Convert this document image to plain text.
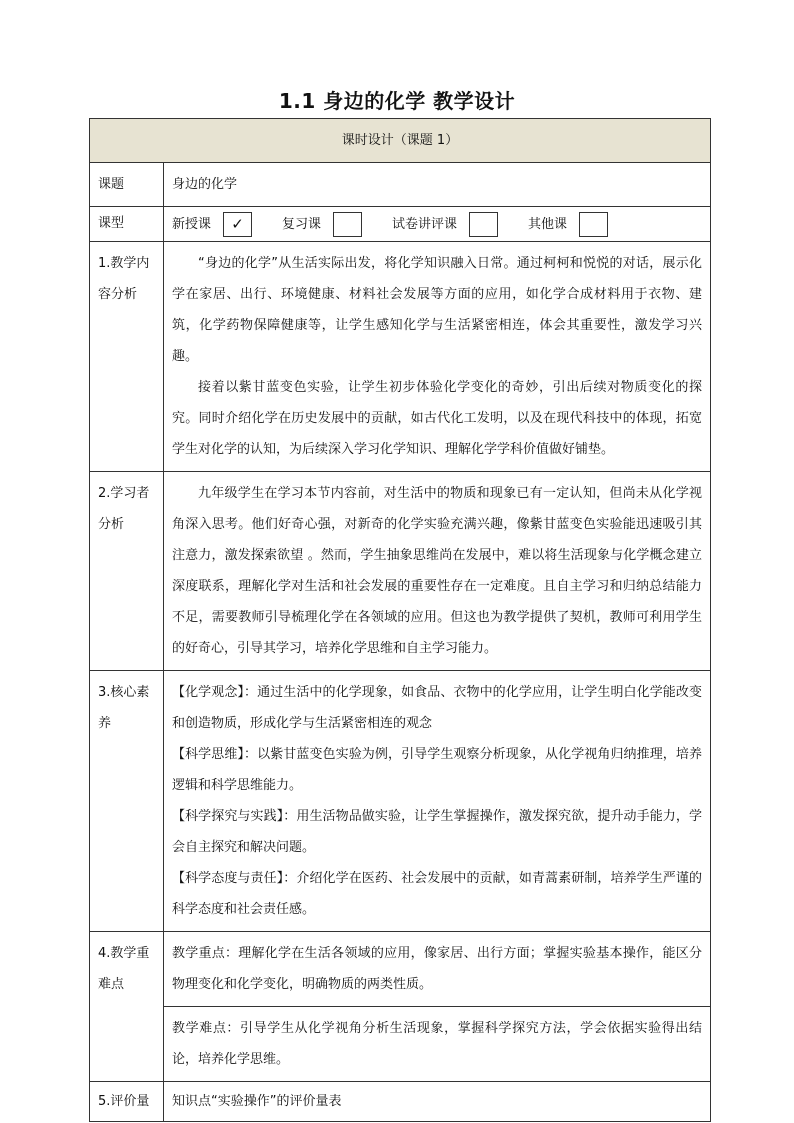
1.1 身边的化学 教学设计
课时设计（课题 1）	
课题	身边的化学
课型	新授课 ✓ 复习课 试卷讲评课 其他课

1.教学内容分析	“身边的化学”从生活实际出发，将化学知识融入日常。通过柯柯和悦悦的对话，展示化学在家居、出行、环境健康、材料社会发展等方面的应用，如化学合成材料用于衣物、建筑，化学药物保障健康等，让学生感知化学与生活紧密相连，体会其重要性，激发学习兴趣。

接着以紫甘蓝变色实验，让学生初步体验化学变化的奇妙，引出后续对物质变化的探究。同时介绍化学在历史发展中的贡献，如古代化工发明，以及在现代科技中的体现，拓宽学生对化学的认知，为后续深入学习化学知识、理解化学学科价值做好铺垫。

2.学习者分析	九年级学生在学习本节内容前，对生活中的物质和现象已有一定认知，但尚未从化学视角深入思考。他们好奇心强，对新奇的化学实验充满兴趣，像紫甘蓝变色实验能迅速吸引其注意力，激发探索欲望 。然而，学生抽象思维尚在发展中，难以将生活现象与化学概念建立深度联系，理解化学对生活和社会发展的重要性存在一定难度。且自主学习和归纳总结能力不足，需要教师引导梳理化学在各领域的应用。但这也为教学提供了契机，教师可利用学生的好奇心，引导其学习，培养化学思维和自主学习能力。

3.核心素养	【化学观念】：通过生活中的化学现象，如食品、衣物中的化学应用，让学生明白化学能改变和创造物质，形成化学与生活紧密相连的观念

【科学思维】：以紫甘蓝变色实验为例，引导学生观察分析现象，从化学视角归纳推理，培养逻辑和科学思维能力。

【科学探究与实践】：用生活物品做实验，让学生掌握操作，激发探究欲，提升动手能力，学会自主探究和解决问题。

【科学态度与责任】：介绍化学在医药、社会发展中的贡献，如青蒿素研制，培养学生严谨的科学态度和社会责任感。

4.教学重难点	教学重点：理解化学在生活各领域的应用，像家居、出行方面；掌握实验基本操作，能区分物理变化和化学变化，明确物质的两类性质。

	教学难点：引导学生从化学视角分析生活现象，掌握科学探究方法，学会依据实验得出结论，培养化学思维。

5.评价量	知识点“实验操作”的评价量表
